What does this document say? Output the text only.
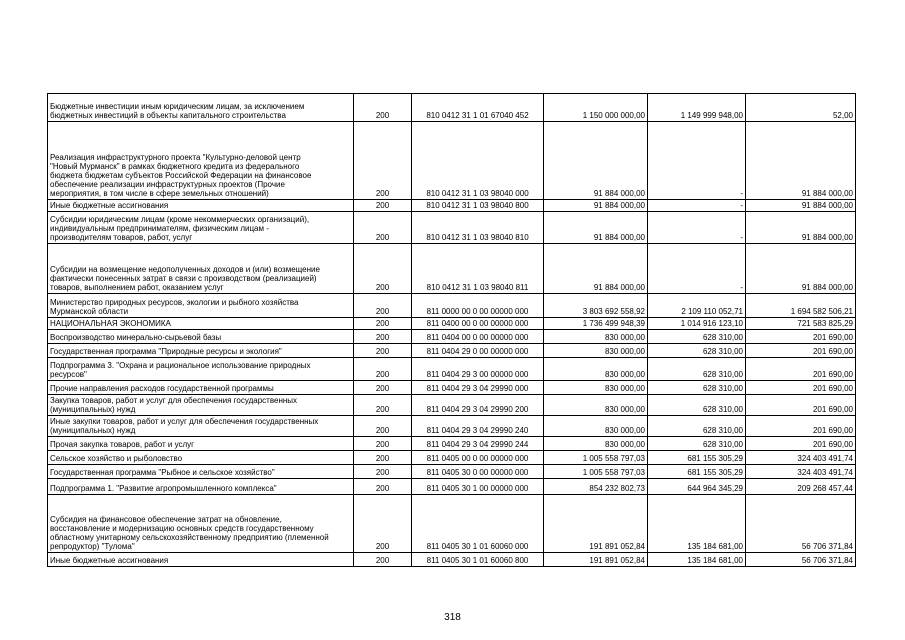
Бюджетные инвестиции иным юридическим лицам, за исключением
бюджетных инвестиций в объекты капитального строительства	200	810 0412 31 1 01 67040 452	1 150 000 000,00	1 149 999 948,00	52,00
Реализация инфраструктурного проекта "Культурно-деловой центр
"Новый Мурманск" в рамках бюджетного кредита из федерального
бюджета бюджетам субъектов Российской Федерации на финансовое
обеспечение реализации инфраструктурных проектов (Прочие
мероприятия, в том числе в сфере земельных отношений)	200	810 0412 31 1 03 98040 000	91 884 000,00	-	91 884 000,00
Иные бюджетные ассигнования	200	810 0412 31 1 03 98040 800	91 884 000,00	-	91 884 000,00
Субсидии юридическим лицам (кроме некоммерческих организаций),
индивидуальным предпринимателям, физическим лицам -
производителям товаров, работ, услуг	200	810 0412 31 1 03 98040 810	91 884 000,00	-	91 884 000,00
Субсидии на возмещение недополученных доходов и (или) возмещение
фактически понесенных затрат в связи с производством (реализацией)
товаров, выполнением работ, оказанием услуг	200	810 0412 31 1 03 98040 811	91 884 000,00	-	91 884 000,00
Министерство природных ресурсов, экологии и рыбного хозяйства
Мурманской области	200	811 0000 00 0 00 00000 000	3 803 692 558,92	2 109 110 052,71	1 694 582 506,21
НАЦИОНАЛЬНАЯ ЭКОНОМИКА	200	811 0400 00 0 00 00000 000	1 736 499 948,39	1 014 916 123,10	721 583 825,29
Воспроизводство минерально-сырьевой базы	200	811 0404 00 0 00 00000 000	830 000,00	628 310,00	201 690,00
Государственная программа "Природные ресурсы и экология"	200	811 0404 29 0 00 00000 000	830 000,00	628 310,00	201 690,00
Подпрограмма 3. "Охрана и рациональное использование природных
ресурсов"	200	811 0404 29 3 00 00000 000	830 000,00	628 310,00	201 690,00
Прочие направления расходов государственной программы	200	811 0404 29 3 04 29990 000	830 000,00	628 310,00	201 690,00
Закупка товаров, работ и услуг для обеспечения государственных
(муниципальных) нужд	200	811 0404 29 3 04 29990 200	830 000,00	628 310,00	201 690,00
Иные закупки товаров, работ и услуг для обеспечения государственных
(муниципальных) нужд	200	811 0404 29 3 04 29990 240	830 000,00	628 310,00	201 690,00
Прочая закупка товаров, работ и услуг	200	811 0404 29 3 04 29990 244	830 000,00	628 310,00	201 690,00
Сельское хозяйство и рыболовство	200	811 0405 00 0 00 00000 000	1 005 558 797,03	681 155 305,29	324 403 491,74
Государственная программа "Рыбное и сельское хозяйство"	200	811 0405 30 0 00 00000 000	1 005 558 797,03	681 155 305,29	324 403 491,74
Подпрограмма 1. "Развитие агропромышленного комплекса"	200	811 0405 30 1 00 00000 000	854 232 802,73	644 964 345,29	209 268 457,44
Субсидия на финансовое обеспечение затрат на обновление,
восстановление и модернизацию основных средств государственному
областному унитарному сельскохозяйственному предприятию (племенной
репродуктор) "Тулома"	200	811 0405 30 1 01 60060 000	191 891 052,84	135 184 681,00	56 706 371,84
Иные бюджетные ассигнования	200	811 0405 30 1 01 60060 800	191 891 052,84	135 184 681,00	56 706 371,84
318
